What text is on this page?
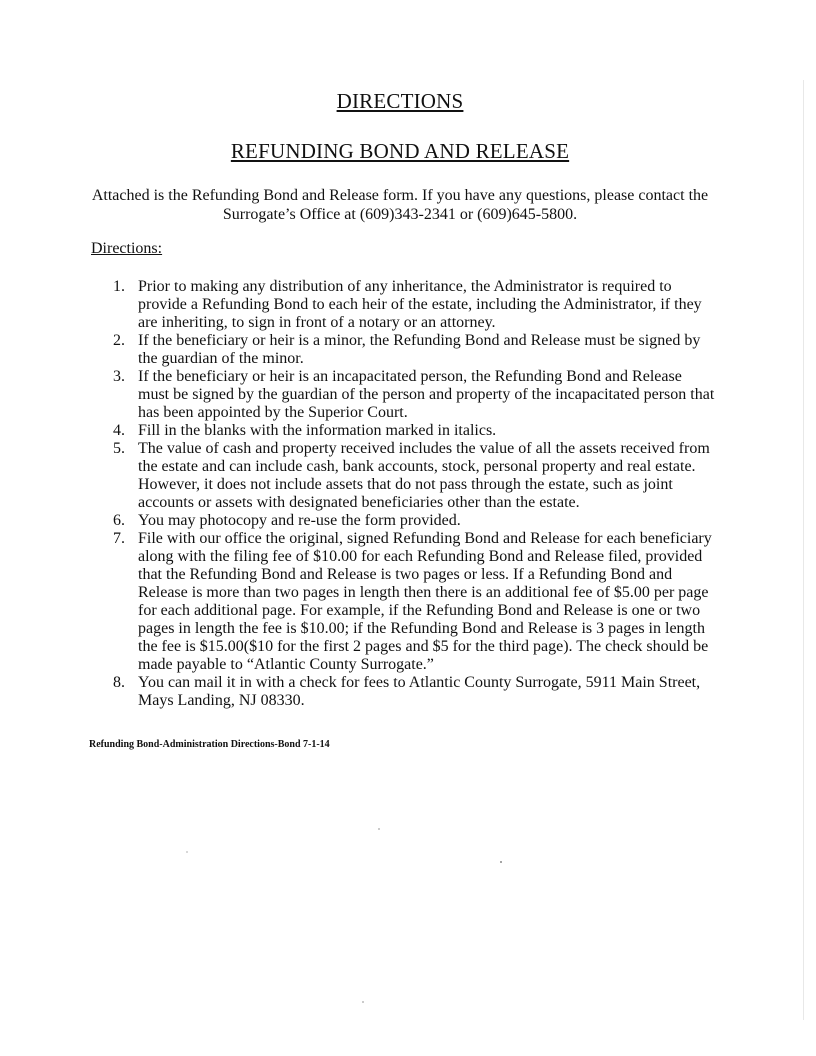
DIRECTIONS
REFUNDING BOND AND RELEASE
Attached is the Refunding Bond and Release form. If you have any questions, please contact the Surrogate’s Office at (609)343-2341 or (609)645-5800.
Directions:
1. Prior to making any distribution of any inheritance, the Administrator is required to provide a Refunding Bond to each heir of the estate, including the Administrator, if they are inheriting, to sign in front of a notary or an attorney.
2. If the beneficiary or heir is a minor, the Refunding Bond and Release must be signed by the guardian of the minor.
3. If the beneficiary or heir is an incapacitated person, the Refunding Bond and Release must be signed by the guardian of the person and property of the incapacitated person that has been appointed by the Superior Court.
4. Fill in the blanks with the information marked in italics.
5. The value of cash and property received includes the value of all the assets received from the estate and can include cash, bank accounts, stock, personal property and real estate. However, it does not include assets that do not pass through the estate, such as joint accounts or assets with designated beneficiaries other than the estate.
6. You may photocopy and re-use the form provided.
7. File with our office the original, signed Refunding Bond and Release for each beneficiary along with the filing fee of $10.00 for each Refunding Bond and Release filed, provided that the Refunding Bond and Release is two pages or less. If a Refunding Bond and Release is more than two pages in length then there is an additional fee of $5.00 per page for each additional page. For example, if the Refunding Bond and Release is one or two pages in length the fee is $10.00; if the Refunding Bond and Release is 3 pages in length the fee is $15.00($10 for the first 2 pages and $5 for the third page). The check should be made payable to “Atlantic County Surrogate.”
8. You can mail it in with a check for fees to Atlantic County Surrogate, 5911 Main Street, Mays Landing, NJ 08330.
Refunding Bond-Administration Directions-Bond 7-1-14
